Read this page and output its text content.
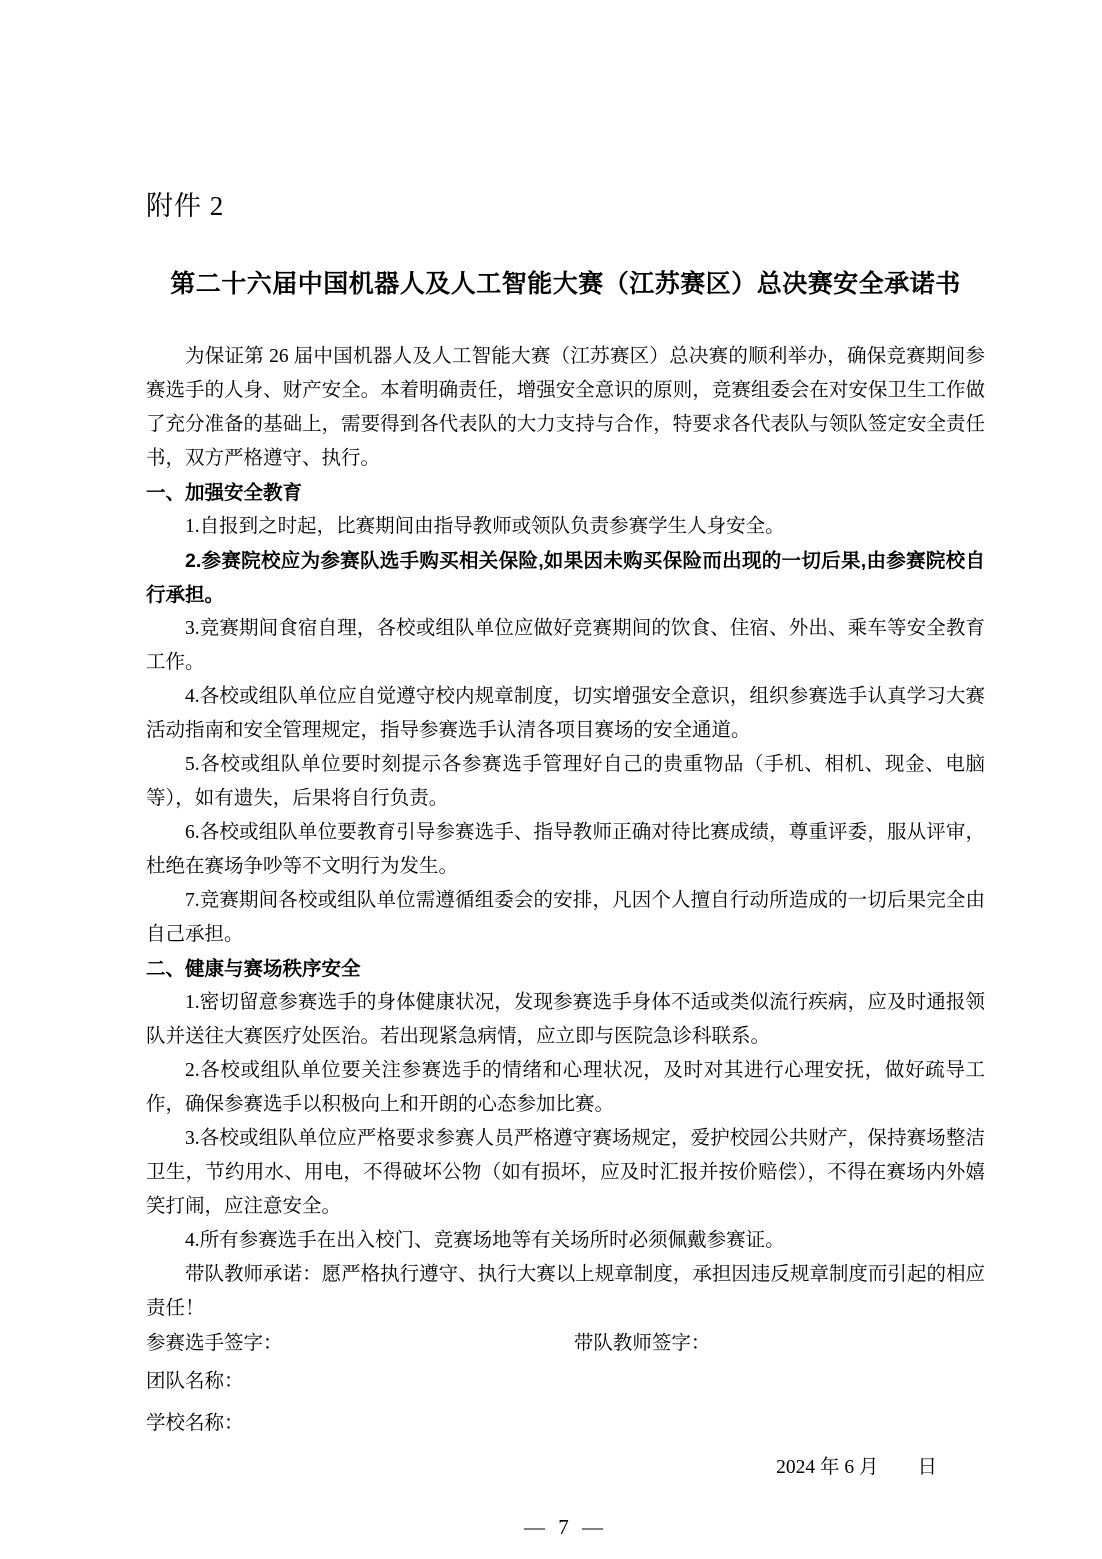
附件 2
第二十六届中国机器人及人工智能大赛（江苏赛区）总决赛安全承诺书

为保证第 26 届中国机器人及人工智能大赛（江苏赛区）总决赛的顺利举办，确保竞赛期间参赛选手的人身、财产安全。本着明确责任，增强安全意识的原则，竞赛组委会在对安保卫生工作做了充分准备的基础上，需要得到各代表队的大力支持与合作，特要求各代表队与领队签定安全责任书，双方严格遵守、执行。

一、加强安全教育

1.自报到之时起，比赛期间由指导教师或领队负责参赛学生人身安全。

2.参赛院校应为参赛队选手购买相关保险,如果因未购买保险而出现的一切后果,由参赛院校自行承担。

3.竞赛期间食宿自理，各校或组队单位应做好竞赛期间的饮食、住宿、外出、乘车等安全教育工作。

4.各校或组队单位应自觉遵守校内规章制度，切实增强安全意识，组织参赛选手认真学习大赛活动指南和安全管理规定，指导参赛选手认清各项目赛场的安全通道。

5.各校或组队单位要时刻提示各参赛选手管理好自己的贵重物品（手机、相机、现金、电脑等），如有遗失，后果将自行负责。

6.各校或组队单位要教育引导参赛选手、指导教师正确对待比赛成绩，尊重评委，服从评审，杜绝在赛场争吵等不文明行为发生。

7.竞赛期间各校或组队单位需遵循组委会的安排，凡因个人擅自行动所造成的一切后果完全由自己承担。

二、健康与赛场秩序安全

1.密切留意参赛选手的身体健康状况，发现参赛选手身体不适或类似流行疾病，应及时通报领队并送往大赛医疗处医治。若出现紧急病情，应立即与医院急诊科联系。

2.各校或组队单位要关注参赛选手的情绪和心理状况，及时对其进行心理安抚，做好疏导工作，确保参赛选手以积极向上和开朗的心态参加比赛。

3.各校或组队单位应严格要求参赛人员严格遵守赛场规定，爱护校园公共财产，保持赛场整洁卫生，节约用水、用电，不得破坏公物（如有损坏，应及时汇报并按价赔偿），不得在赛场内外嬉笑打闹，应注意安全。

4.所有参赛选手在出入校门、竞赛场地等有关场所时必须佩戴参赛证。

带队教师承诺：愿严格执行遵守、执行大赛以上规章制度，承担因违反规章制度而引起的相应责任！

参赛选手签字：	带队教师签字：

团队名称：

学校名称：

2024 年 6 月　　日

— 7 —
